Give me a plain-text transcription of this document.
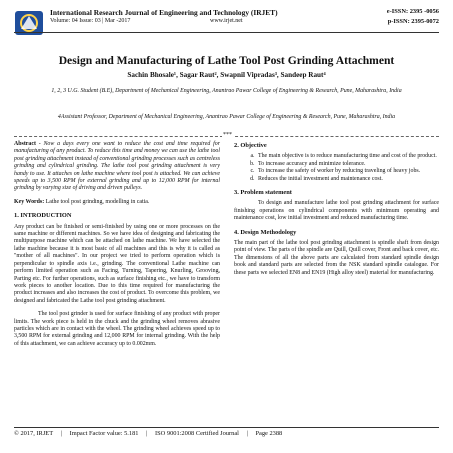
International Research Journal of Engineering and Technology (IRJET)
Volume: 04 Issue: 03 | Mar -2017	www.irjet.net
e-ISSN: 2395 -0056
p-ISSN: 2395-0072
Design and Manufacturing of Lathe Tool Post Grinding Attachment
Sachin Bhosale¹, Sagar Raut², Swapnil Vipradas³, Sandeep Raut⁴
1, 2, 3 U.G. Student (B.E), Department of Mechanical Engineering, Anantrao Pawar College of Engineering & Research, Pune, Maharashtra, India
4Assistant Professor, Department of Mechanical Engineering, Anantrao Pawar College of Engineering & Research, Pune, Maharashtra, India
***

Abstract - Now a days every one want to reduce the cost and time required for manufacturing of any product. To reduce this time and money we can use the lathe tool post grinding attachment instead of conventional grinding processes such as centreless grinding and cylindrical grinding. The lathe tool post grinding attachment is very handy to use. It attaches on lathe machine where tool post is attached. We can achieve speeds up to 3,500 RPM for external grinding and up to 12,000 RPM for internal grinding by varying size of driving and driven pulleys.

Key Words: Lathe tool post grinding, modelling in catia.

1. INTRODUCTION

Any product can be finished or semi-finished by using one or more processes on the same machine or different machines. So we have idea of designing and fabricating the multipurpose machine which can be attached on lathe machine. We have selected the lathe machine because it is most basic of all machines and this is why it is called as "mother of all machines". In our project we tried to perform operation which is perpendicular to spindle axis i.e., grinding. The conventional Lathe machine can perform limited operation such as Facing, Turning, Tapering, Knurling, Grooving, Parting etc. For further operations, such as surface finishing etc., we have to transform work pieces to another location. Due to this time required for manufacturing the product increases and also increases the cost of product. To overcome this problem, we designed and fabricated the Lathe tool post grinding attachment.

The tool post grinder is used for surface finishing of any product with proper limits. The work piece is held in the chuck and the grinding wheel removes abrasive particles which are in contact with the wheel. The grinding wheel achieves speed up to 3,500 RPM for external grinding and 12,000 RPM for internal grinding. With the help of this attachment, we can achieve accuracy up to 0.002mm.

2. Objective

a. The main objective is to reduce manufacturing time and cost of the product.
b. To increase accuracy and minimize tolerance.
c. To increase the safety of worker by reducing traveling of heavy jobs.
d. Reduces the initial investment and maintenance cost.

3. Problem statement

To design and manufacture lathe tool post grinding attachment for surface finishing operations on cylindrical components with minimum operating and maintenance cost, low initial investment and reduced manufacturing time.

4. Design Methodology

The main part of the lathe tool post grinding attachment is spindle shaft from design point of view. The parts of the spindle are Quill, Quill cover, Front and back cover, etc. The dimensions of all the above parts are calculated from standard spindle design book and standard parts are selected from the NSK standard spindle catalogue. For these parts we selected EN8 and EN19 (High alloy steel) material for manufacturing.

© 2017, IRJET | Impact Factor value: 5.181 | ISO 9001:2008 Certified Journal | Page 2388
